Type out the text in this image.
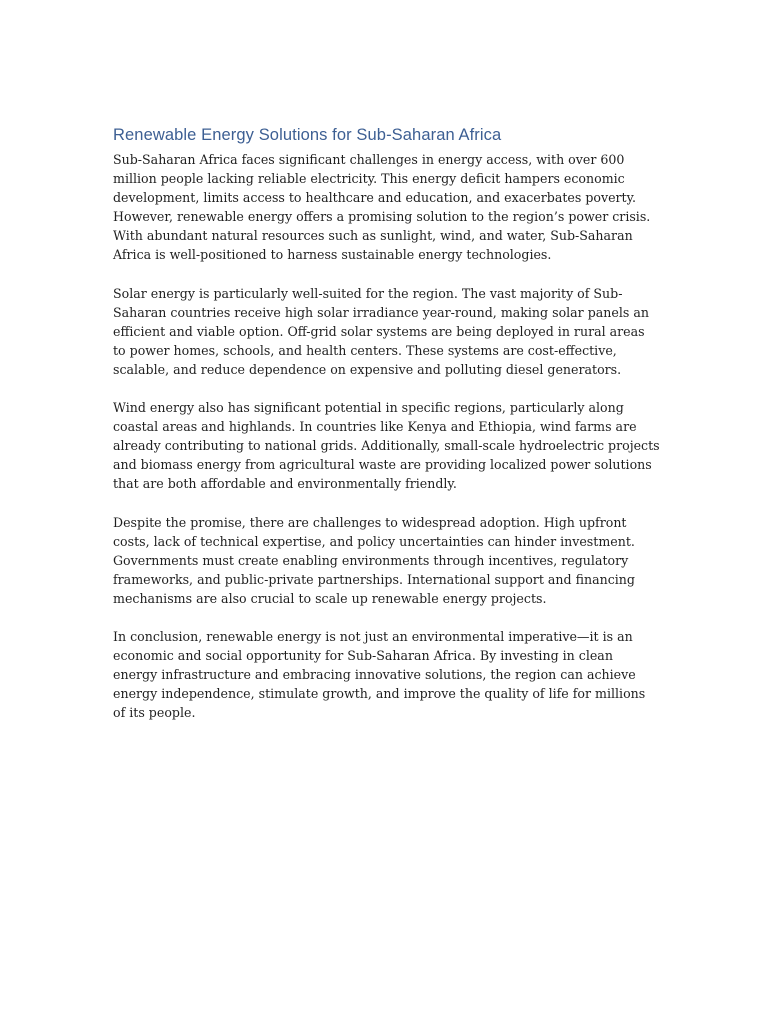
Renewable Energy Solutions for Sub-Saharan Africa

Sub-Saharan Africa faces significant challenges in energy access, with over 600 million people lacking reliable electricity. This energy deficit hampers economic development, limits access to healthcare and education, and exacerbates poverty. However, renewable energy offers a promising solution to the region’s power crisis. With abundant natural resources such as sunlight, wind, and water, Sub-Saharan Africa is well-positioned to harness sustainable energy technologies.

Solar energy is particularly well-suited for the region. The vast majority of Sub-Saharan countries receive high solar irradiance year-round, making solar panels an efficient and viable option. Off-grid solar systems are being deployed in rural areas to power homes, schools, and health centers. These systems are cost-effective, scalable, and reduce dependence on expensive and polluting diesel generators.

Wind energy also has significant potential in specific regions, particularly along coastal areas and highlands. In countries like Kenya and Ethiopia, wind farms are already contributing to national grids. Additionally, small-scale hydroelectric projects and biomass energy from agricultural waste are providing localized power solutions that are both affordable and environmentally friendly.

Despite the promise, there are challenges to widespread adoption. High upfront costs, lack of technical expertise, and policy uncertainties can hinder investment. Governments must create enabling environments through incentives, regulatory frameworks, and public-private partnerships. International support and financing mechanisms are also crucial to scale up renewable energy projects.

In conclusion, renewable energy is not just an environmental imperative—it is an economic and social opportunity for Sub-Saharan Africa. By investing in clean energy infrastructure and embracing innovative solutions, the region can achieve energy independence, stimulate growth, and improve the quality of life for millions of its people.
